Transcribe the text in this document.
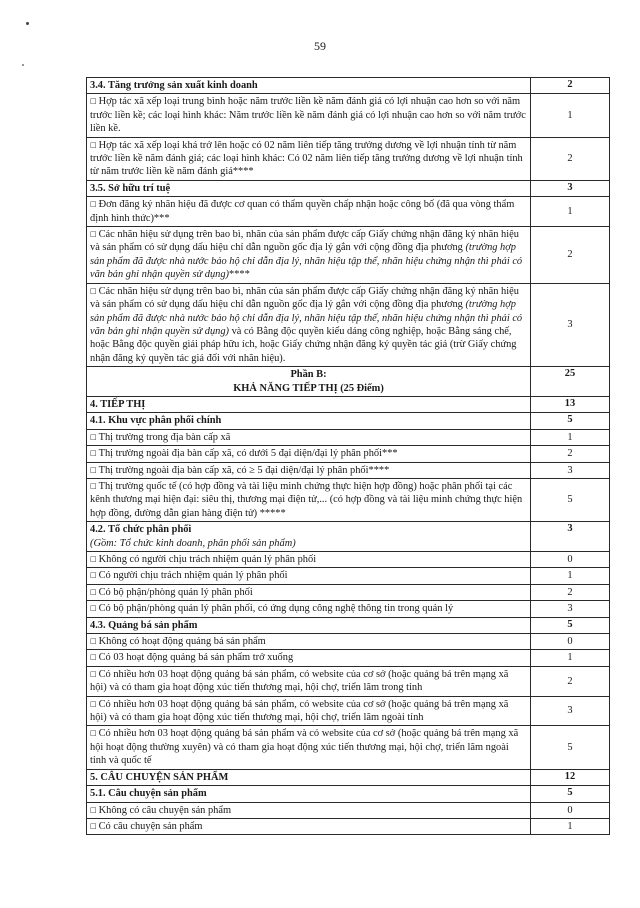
59
3.4. Tăng trưởng sản xuất kinh doanh	2
□ Hợp tác xã xếp loại trung bình hoặc năm trước liền kề năm đánh giá có lợi nhuận cao hơn so với năm trước liền kề; các loại hình khác: Năm trước liền kề năm đánh giá có lợi nhuận cao hơn so với năm trước liền kề.	1
□ Hợp tác xã xếp loại khá trở lên hoặc có 02 năm liên tiếp tăng trưởng dương về lợi nhuận tính từ năm trước liền kề năm đánh giá; các loại hình khác: Có 02 năm liên tiếp tăng trưởng dương về lợi nhuận tính từ năm trước liền kề năm đánh giá****	2
3.5. Sở hữu trí tuệ	3
□ Đơn đăng ký nhãn hiệu đã được cơ quan có thẩm quyền chấp nhận hoặc công bố (đã qua vòng thẩm định hình thức)***	1
□ Các nhãn hiệu sử dụng trên bao bì, nhãn của sản phẩm được cấp Giấy chứng nhận đăng ký nhãn hiệu và sản phẩm có sử dụng dấu hiệu chỉ dẫn nguồn gốc địa lý gắn với cộng đồng địa phương (trường hợp sản phẩm đã được nhà nước bảo hộ chỉ dẫn địa lý, nhãn hiệu tập thể, nhãn hiệu chứng nhận thì phải có văn bản ghi nhận quyền sử dụng)****	2
□ Các nhãn hiệu sử dụng trên bao bì, nhãn của sản phẩm được cấp Giấy chứng nhận đăng ký nhãn hiệu và sản phẩm có sử dụng dấu hiệu chỉ dẫn nguồn gốc địa lý gắn với cộng đồng địa phương (trường hợp sản phẩm đã được nhà nước bảo hộ chỉ dẫn địa lý, nhãn hiệu tập thể, nhãn hiệu chứng nhận thì phải có văn bản ghi nhận quyền sử dụng) và có Bằng độc quyền kiểu dáng công nghiệp, hoặc Bằng sáng chế, hoặc Bằng độc quyền giải pháp hữu ích, hoặc Giấy chứng nhận đăng ký quyền tác giả (trừ Giấy chứng nhận đăng ký quyền tác giả đối với nhãn hiệu).	3
Phần B:
KHẢ NĂNG TIẾP THỊ (25 Điểm)	25
4. TIẾP THỊ	13
4.1. Khu vực phân phối chính	5
□ Thị trường trong địa bàn cấp xã	1
□ Thị trường ngoài địa bàn cấp xã, có dưới 5 đại diện/đại lý phân phối***	2
□ Thị trường ngoài địa bàn cấp xã, có ≥ 5 đại diện/đại lý phân phối****	3
□ Thị trường quốc tế (có hợp đồng và tài liệu minh chứng thực hiện hợp đồng) hoặc phân phối tại các kênh thương mại hiện đại: siêu thị, thương mại điện tử,... (có hợp đồng và tài liệu minh chứng thực hiện hợp đồng, đường dẫn gian hàng điện tử) *****	5
4.2. Tổ chức phân phối
(Gồm: Tổ chức kinh doanh, phân phối sản phẩm)	3
□ Không có người chịu trách nhiệm quản lý phân phối	0
□ Có người chịu trách nhiệm quản lý phân phối	1
□ Có bộ phận/phòng quản lý phân phối	2
□ Có bộ phận/phòng quản lý phân phối, có ứng dụng công nghệ thông tin trong quản lý	3
4.3. Quảng bá sản phẩm	5
□ Không có hoạt động quảng bá sản phẩm	0
□ Có 03 hoạt động quảng bá sản phẩm trở xuống	1
□ Có nhiều hơn 03 hoạt động quảng bá sản phẩm, có website của cơ sở (hoặc quảng bá trên mạng xã hội) và có tham gia hoạt động xúc tiến thương mại, hội chợ, triển lãm trong tỉnh	2
□ Có nhiều hơn 03 hoạt động quảng bá sản phẩm, có website của cơ sở (hoặc quảng bá trên mạng xã hội) và có tham gia hoạt động xúc tiến thương mại, hội chợ, triển lãm ngoài tỉnh	3
□ Có nhiều hơn 03 hoạt động quảng bá sản phẩm và có website của cơ sở (hoặc quảng bá trên mạng xã hội hoạt động thường xuyên) và có tham gia hoạt động xúc tiến thương mại, hội chợ, triển lãm ngoài tỉnh và quốc tế	5
5. CÂU CHUYỆN SẢN PHẨM	12
5.1. Câu chuyện sản phẩm	5
□ Không có câu chuyện sản phẩm	0
□ Có câu chuyện sản phẩm	1
